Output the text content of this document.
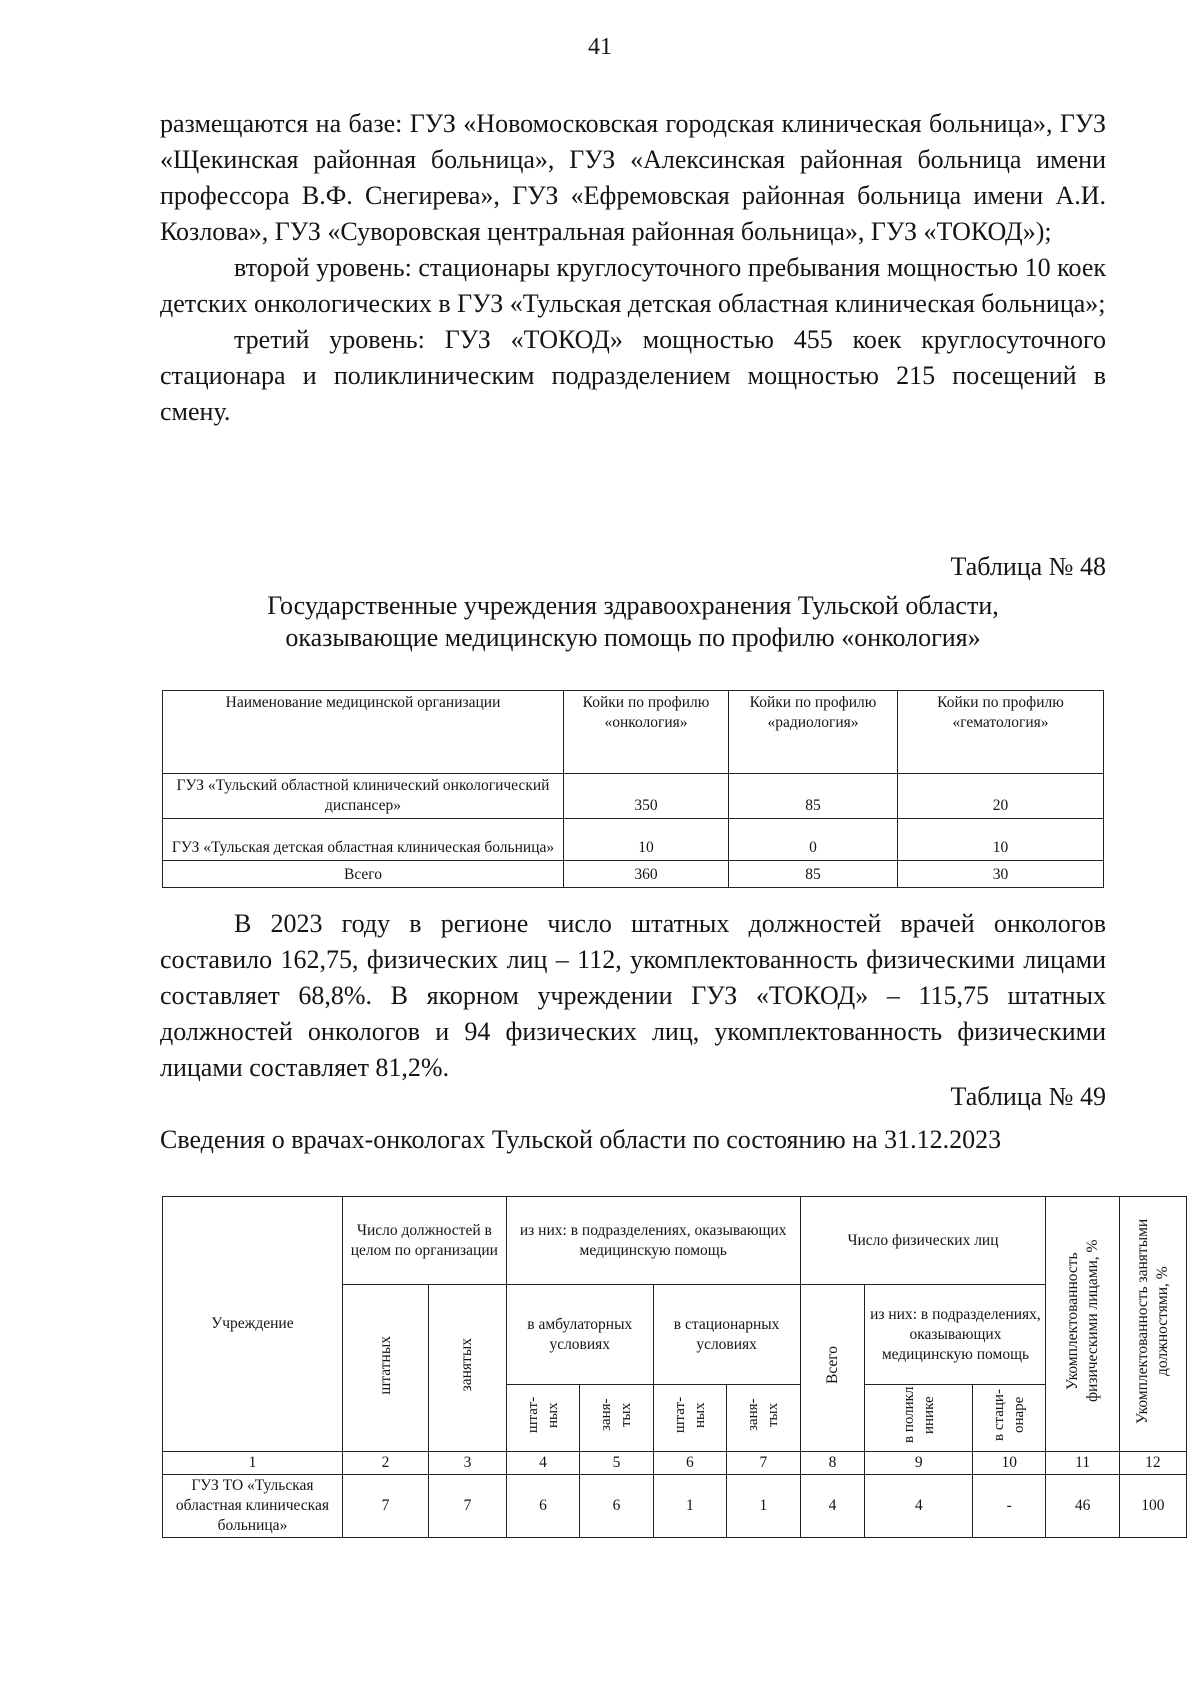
41

размещаются на базе: ГУЗ «Новомосковская городская клиническая больница», ГУЗ «Щекинская районная больница», ГУЗ «Алексинская районная больница имени профессора В.Ф. Снегирева», ГУЗ «Ефремовская районная больница имени А.И. Козлова», ГУЗ «Суворовская центральная районная больница», ГУЗ «ТОКОД»);

второй уровень: стационары круглосуточного пребывания мощностью 10 коек детских онкологических в ГУЗ «Тульская детская областная клиническая больница»;

третий уровень: ГУЗ «ТОКОД» мощностью 455 коек круглосуточного стационара и поликлиническим подразделением мощностью 215 посещений в смену.

Таблица № 48
Государственные учреждения здравоохранения Тульской области,
оказывающие медицинскую помощь по профилю «онкология»
Наименование медицинской организации	Койки по профилю «онкология»	Койки по профилю «радиология»	Койки по профилю «гематология»
ГУЗ «Тульский областной клинический онкологический диспансер»	350	85	20
ГУЗ «Тульская детская областная клиническая больница»	10	0	10
Всего	360	85	30

В 2023 году в регионе число штатных должностей врачей онкологов составило 162,75, физических лиц – 112, укомплектованность физическими лицами составляет 68,8%. В якорном учреждении ГУЗ «ТОКОД» – 115,75 штатных должностей онкологов и 94 физических лиц, укомплектованность физическими лицами составляет 81,2%.

Таблица № 49
Сведения о врачах-онкологах Тульской области по состоянию на 31.12.2023
Учреждение	Число должностей в целом по организации		из них: в подразделениях, оказывающих медицинскую помощь				Число физических лиц			Укомплектованность физическими лицами, %	Укомплектованность занятыми должностями, %
	штатных	занятых	в амбулаторных условиях		в стационарных условиях		Всего	из них: в подразделениях, оказывающих медицинскую помощь			
			штат-ных	заня-тых	штат-ных	заня-тых		в поликл инике	в стаци-онаре		
1	2	3	4	5	6	7	8	9	10	11	12
ГУЗ ТО «Тульская областная клиническая больница»	7	7	6	6	1	1	4	4	-	46	100
